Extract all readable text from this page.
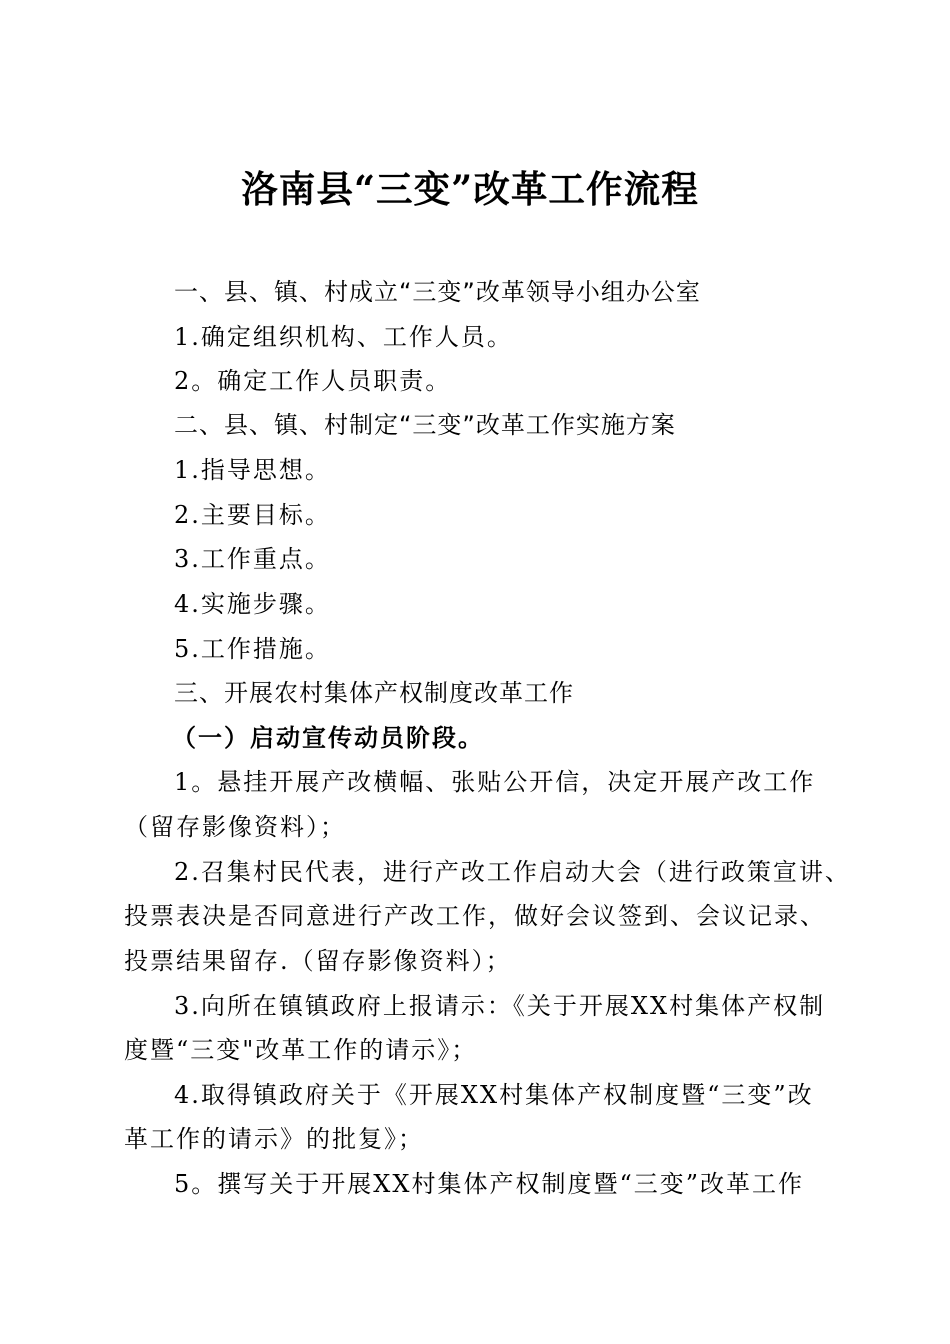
洛南县“三变”改革工作流程
一、县、镇、村成立“三变”改革领导小组办公室
1.确定组织机构、工作人员。
2。确定工作人员职责。
二、县、镇、村制定“三变”改革工作实施方案
1.指导思想。
2.主要目标。
3.工作重点。
4.实施步骤。
5.工作措施。
三、开展农村集体产权制度改革工作
（一）启动宣传动员阶段。
1。悬挂开展产改横幅、张贴公开信，决定开展产改工作
（留存影像资料）；
2.召集村民代表，进行产改工作启动大会（进行政策宣讲、
投票表决是否同意进行产改工作，做好会议签到、会议记录、
投票结果留存.（留存影像资料）；
3.向所在镇镇政府上报请示：《关于开展XX村集体产权制
度暨“三变"改革工作的请示》；
4.取得镇政府关于《开展XX村集体产权制度暨“三变”改
革工作的请示》的批复》；
5。撰写关于开展XX村集体产权制度暨“三变”改革工作
